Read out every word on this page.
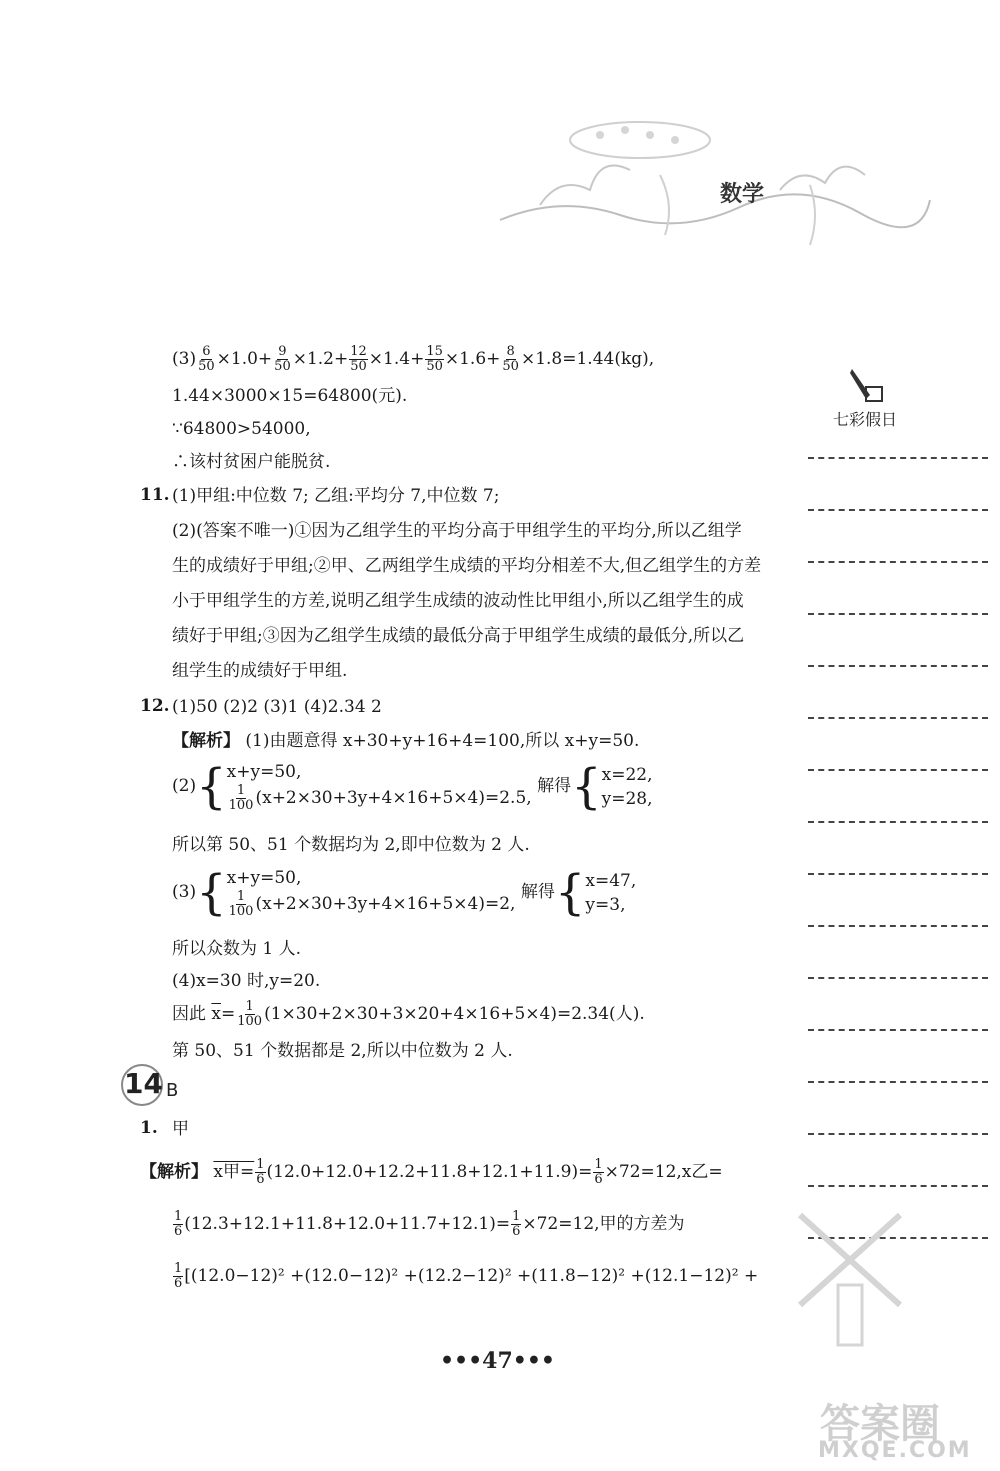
数学
七彩假日
$(3) \frac{6}{50} \times 1.0+ \frac{9}{50} \times 1.2+ \frac{12}{50} \times 1.4+ \frac{15}{50} \times 1.6+ \frac{8}{50} \times 1.8=1.44(kg)$,
1.44×3000×15=64800(元).
∵64800>54000,
∴该村贫困户能脱贫.
11. (1)甲组:中位数 7; 乙组:平均分 7,中位数 7;
(2)(答案不唯一)①因为乙组学生的平均分高于甲组学生的平均分,所以乙组学
生的成绩好于甲组;②甲、乙两组学生成绩的平均分相差不大,但乙组学生的方差
小于甲组学生的方差,说明乙组学生成绩的波动性比甲组小,所以乙组学生的成
绩好于甲组;③因为乙组学生成绩的最低分高于甲组学生成绩的最低分,所以乙
组学生的成绩好于甲组.
12. (1)50 (2)2 (3)1 (4)2.34 2
【解析】 (1)由题意得 x+30+y+16+4=100,所以 x+y=50.
(2){ x+y=50,
$\frac{1}{100} (x+2\times 30+3y+4\times 16+5\times 4)=2.5$,
解得{ x=22,
y=28,
所以第 50、51 个数据均为 2,即中位数为 2 人.
(3){ x+y=50,
$\frac{1}{100} (x+2\times 30+3y+4\times 16+5\times 4)=2$,
解得{ x=47,
y=3,
所以众数为 1 人.
(4)x=30 时,y=20.
因此 $\overline{x}= \frac{1}{100} (1\times 30+2\times 30+3\times 20+4\times 16+5\times 4)=2.34$(人).
第 50、51 个数据都是 2,所以中位数为 2 人.
14 B
1. 甲
【解析】 x甲= $\frac{1}{6} (12.0+12.0+12.2+11.8+12.1+11.9)= \frac{1}{6} \times 72=12,x$乙=
$\frac{1}{6} (12.3+12.1+11.8+12.0+11.7+12.1)= \frac{1}{6} \times 72=12$,甲的方差为
$\frac{1}{6} [(12.0-12)^2 +(12.0-12)^2 +(12.2-12)^2 +(11.8-12)^2 +(12.1-12)^2$ +
•••47•••
答案圈
MXQE.COM
